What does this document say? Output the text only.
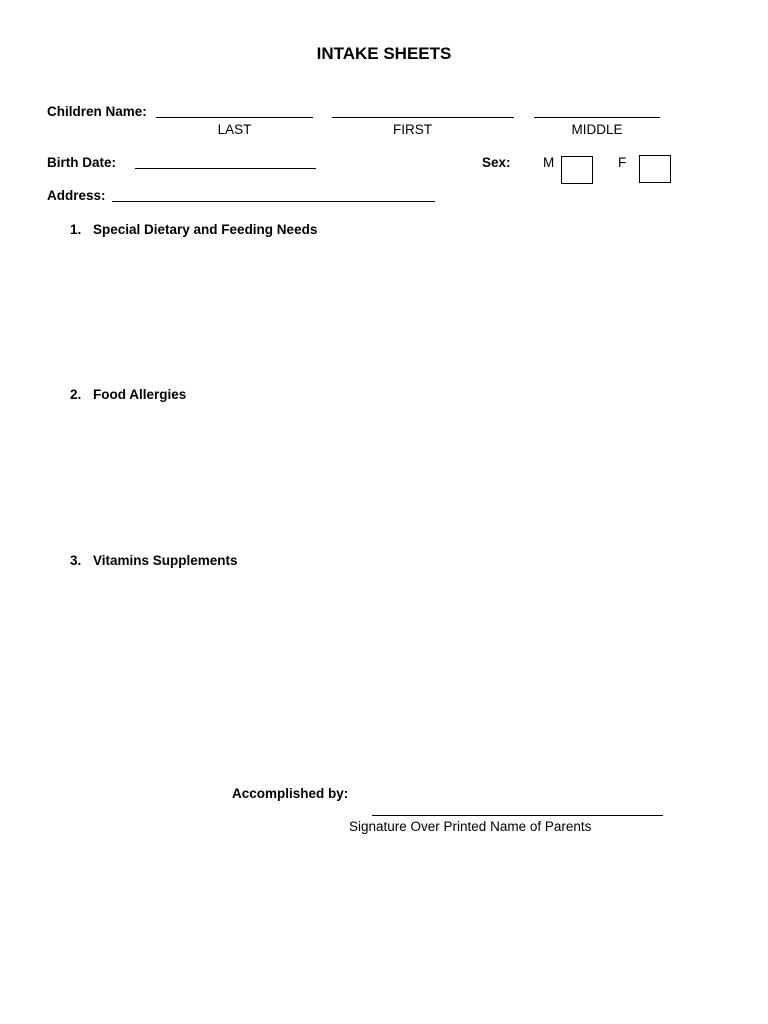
INTAKE SHEETS
Children Name:
LAST	FIRST	MIDDLE
Birth Date:	Sex: M	F
Address:
1. Special Dietary and Feeding Needs
2. Food Allergies
3. Vitamins Supplements
Accomplished by:
Signature Over Printed Name of Parents
